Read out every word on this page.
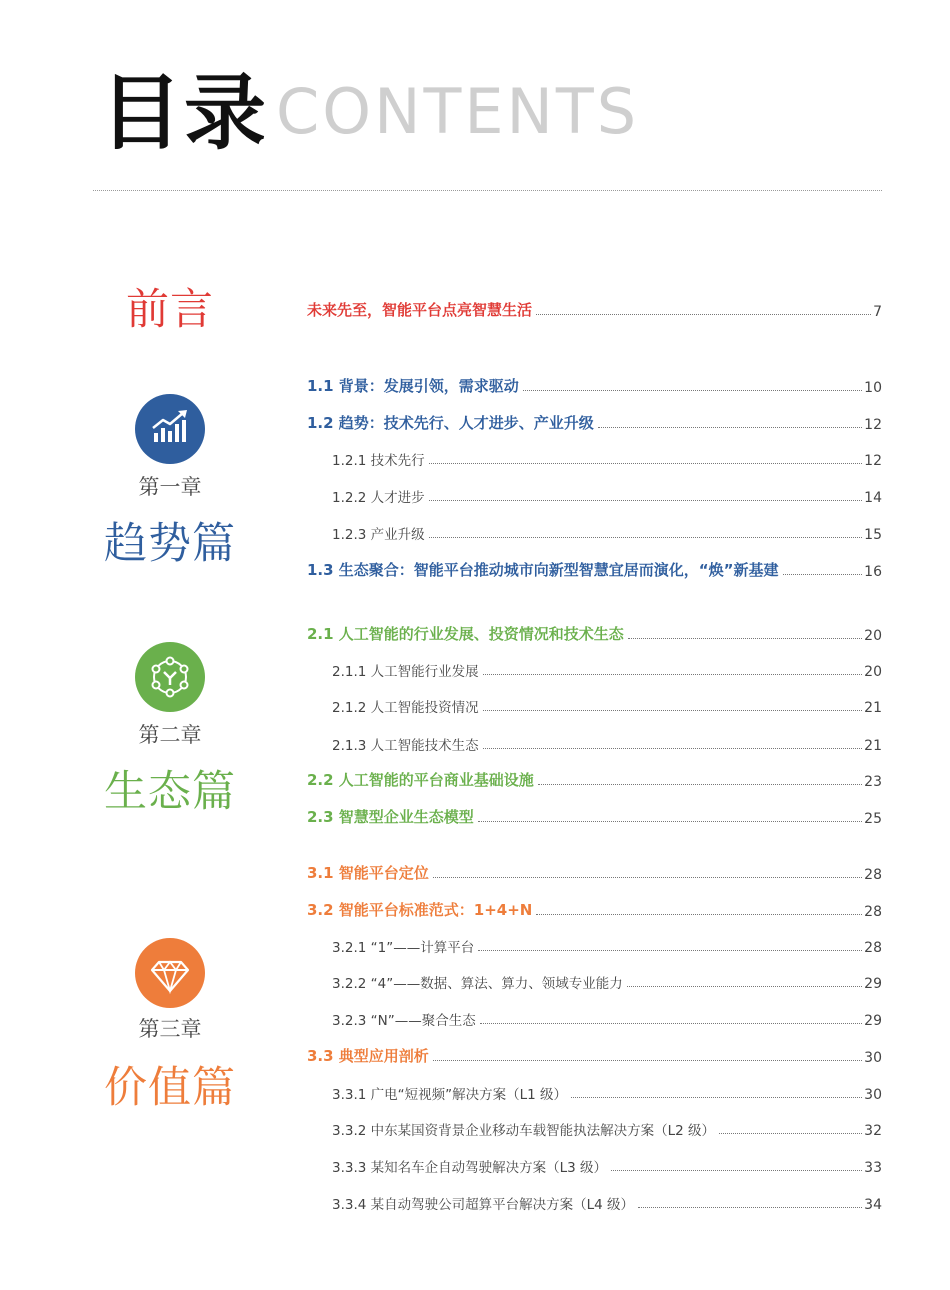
目录 CONTENTS
前言
第一章
趋势篇
第二章
生态篇
第三章
价值篇
未来先至，智能平台点亮智慧生活	7
1.1 背景：发展引领，需求驱动	10
1.2 趋势：技术先行、人才进步、产业升级	12
1.2.1 技术先行	12
1.2.2 人才进步	14
1.2.3 产业升级	15
1.3 生态聚合：智能平台推动城市向新型智慧宜居而演化，“焕”新基建	16
2.1 人工智能的行业发展、投资情况和技术生态	20
2.1.1 人工智能行业发展	20
2.1.2 人工智能投资情况	21
2.1.3 人工智能技术生态	21
2.2 人工智能的平台商业基础设施	23
2.3 智慧型企业生态模型	25
3.1 智能平台定位	28
3.2 智能平台标准范式：1+4+N	28
3.2.1 “1”——计算平台	28
3.2.2 “4”——数据、算法、算力、领域专业能力	29
3.2.3 “N”——聚合生态	29
3.3 典型应用剖析	30
3.3.1 广电“短视频”解决方案（L1 级）	30
3.3.2 中东某国资背景企业移动车载智能执法解决方案（L2 级）	32
3.3.3 某知名车企自动驾驶解决方案（L3 级）	33
3.3.4 某自动驾驶公司超算平台解决方案（L4 级）	34
